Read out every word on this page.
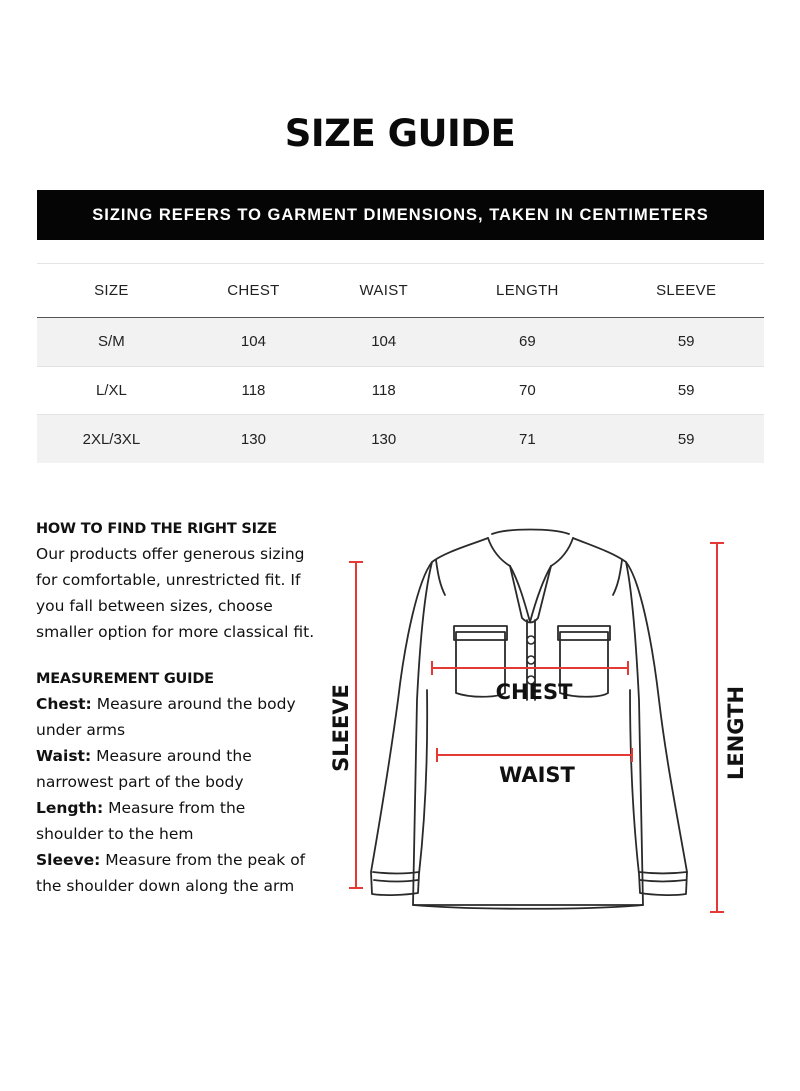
SIZE GUIDE
SIZING REFERS TO GARMENT DIMENSIONS, TAKEN IN CENTIMETERS
SIZE	CHEST	WAIST	LENGTH	SLEEVE
S/M	104	104	69	59
L/XL	118	118	70	59
2XL/3XL	130	130	71	59
HOW TO FIND THE RIGHT SIZE

Our products offer generous sizing for comfortable, unrestricted fit. If you fall between sizes, choose smaller option for more classical fit.

MEASUREMENT GUIDE

Chest: Measure around the body under arms

Waist: Measure around the narrowest part of the body

Length: Measure from the shoulder to the hem

Sleeve: Measure from the peak of the shoulder down along the arm

CHEST
WAIST
SLEEVE	LENGTH
